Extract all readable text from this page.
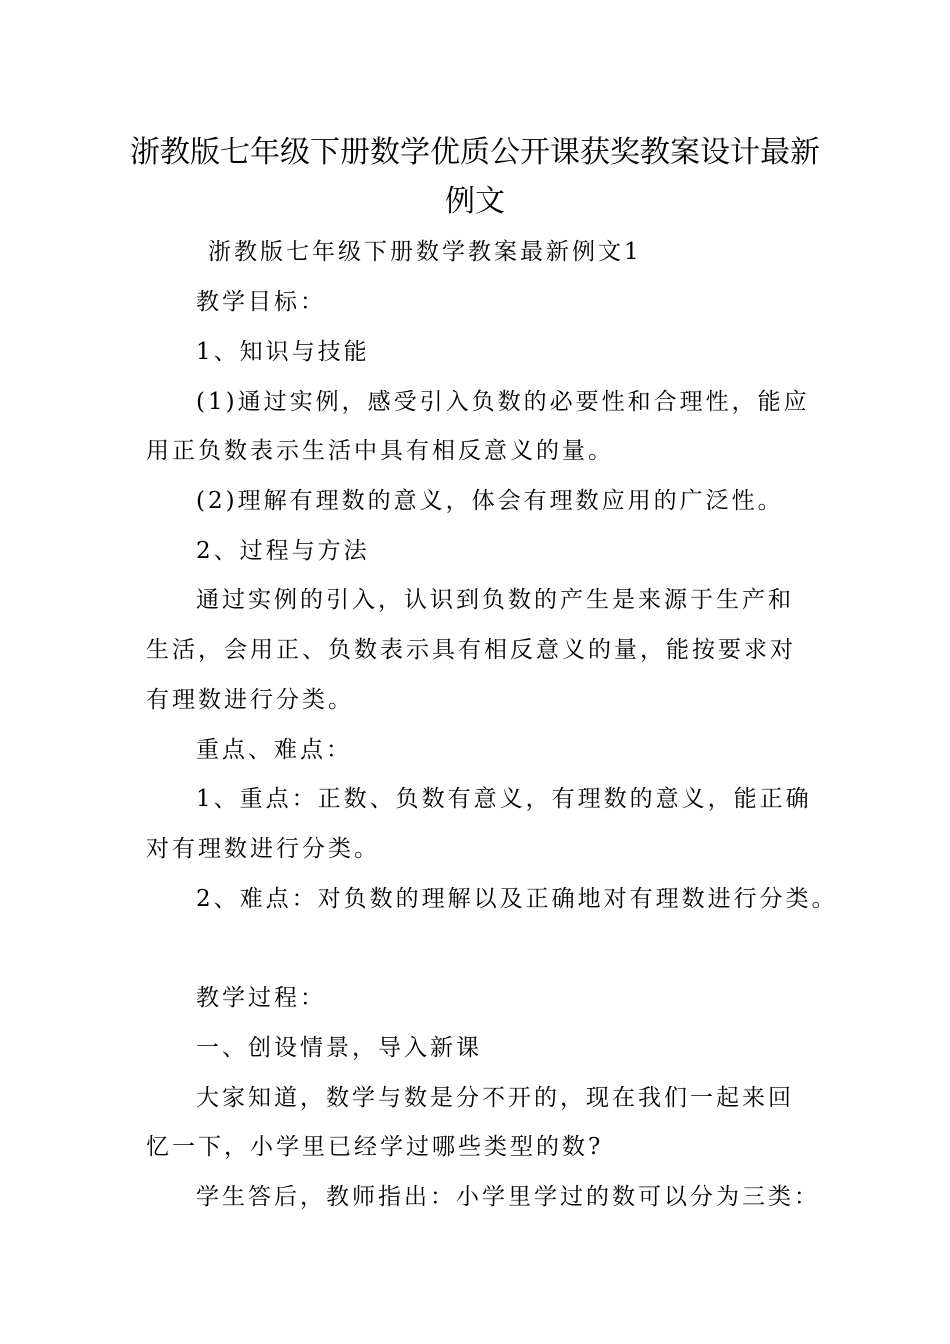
浙教版七年级下册数学优质公开课获奖教案设计最新
例文

浙教版七年级下册数学教案最新例文1

教学目标：

1、知识与技能

(1)通过实例，感受引入负数的必要性和合理性，能应

用正负数表示生活中具有相反意义的量。

(2)理解有理数的意义，体会有理数应用的广泛性。

2、过程与方法

通过实例的引入，认识到负数的产生是来源于生产和

生活，会用正、负数表示具有相反意义的量，能按要求对

有理数进行分类。

重点、难点：

1、重点：正数、负数有意义，有理数的意义，能正确

对有理数进行分类。

2、难点：对负数的理解以及正确地对有理数进行分类。

教学过程：

一、创设情景，导入新课

大家知道，数学与数是分不开的，现在我们一起来回

忆一下，小学里已经学过哪些类型的数?

学生答后，教师指出：小学里学过的数可以分为三类：
